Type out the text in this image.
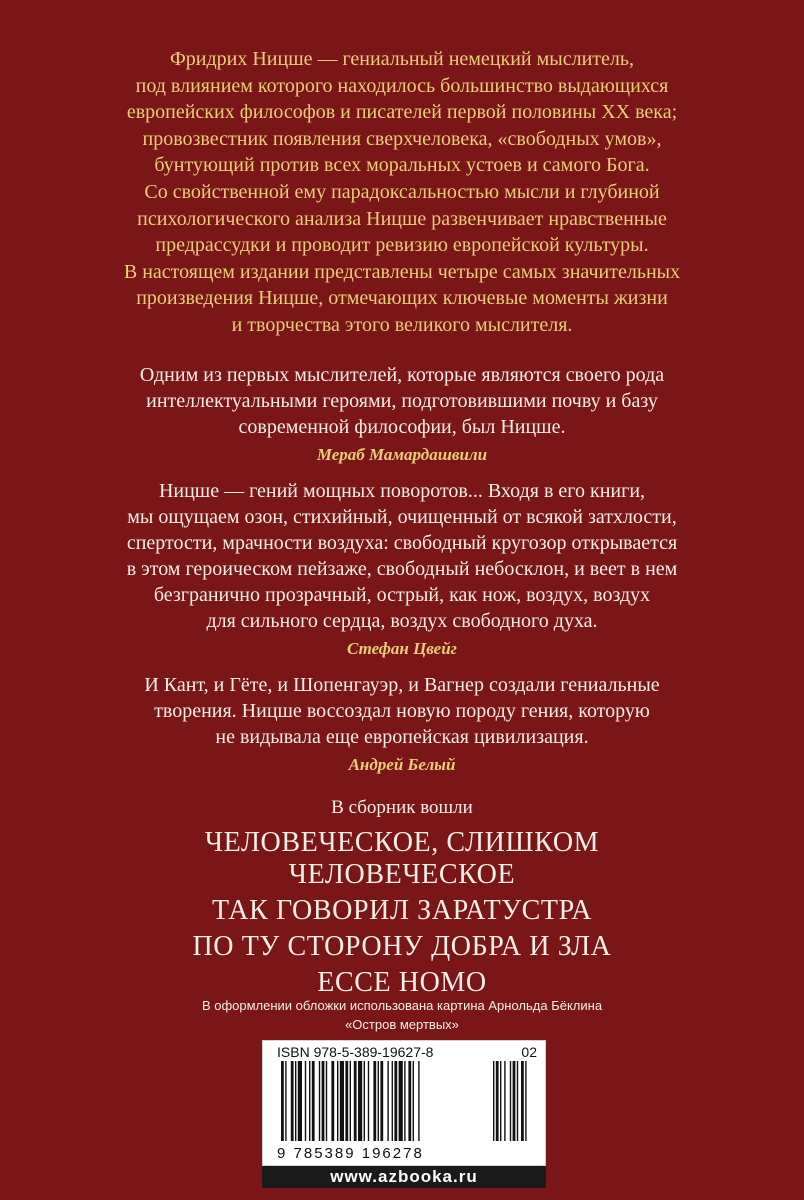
Фридрих Ницше — гениальный немецкий мыслитель,

под влиянием которого находилось большинство выдающихся

европейских философов и писателей первой половины XX века;

провозвестник появления сверхчеловека, «свободных умов»,

бунтующий против всех моральных устоев и самого Бога.

Со свойственной ему парадоксальностью мысли и глубиной

психологического анализа Ницше развенчивает нравственные

предрассудки и проводит ревизию европейской культуры.

В настоящем издании представлены четыре самых значительных

произведения Ницше, отмечающих ключевые моменты жизни

и творчества этого великого мыслителя.

Одним из первых мыслителей, которые являются своего рода

интеллектуальными героями, подготовившими почву и базу

современной философии, был Ницше.

Мераб Мамардашвили

Ницше — гений мощных поворотов... Входя в его книги,

мы ощущаем озон, стихийный, очищенный от всякой затхлости,

спертости, мрачности воздуха: свободный кругозор открывается

в этом героическом пейзаже, свободный небосклон, и веет в нем

безгранично прозрачный, острый, как нож, воздух, воздух

для сильного сердца, воздух свободного духа.

Стефан Цвейг

И Кант, и Гёте, и Шопенгауэр, и Вагнер создали гениальные

творения. Ницше воссоздал новую породу гения, которую

не видывала еще европейская цивилизация.

Андрей Белый
В сборник вошли
ЧЕЛОВЕЧЕСКОЕ, СЛИШКОМ
ЧЕЛОВЕЧЕСКОЕ
ТАК ГОВОРИЛ ЗАРАТУСТРА
ПО ТУ СТОРОНУ ДОБРА И ЗЛА
ECCE HOMO

В оформлении обложки использована картина Арнольда Бёклина

«Остров мертвых»

ISBN 978-5-389-19627-8	02
9 785389 196278
www.azbooka.ru
